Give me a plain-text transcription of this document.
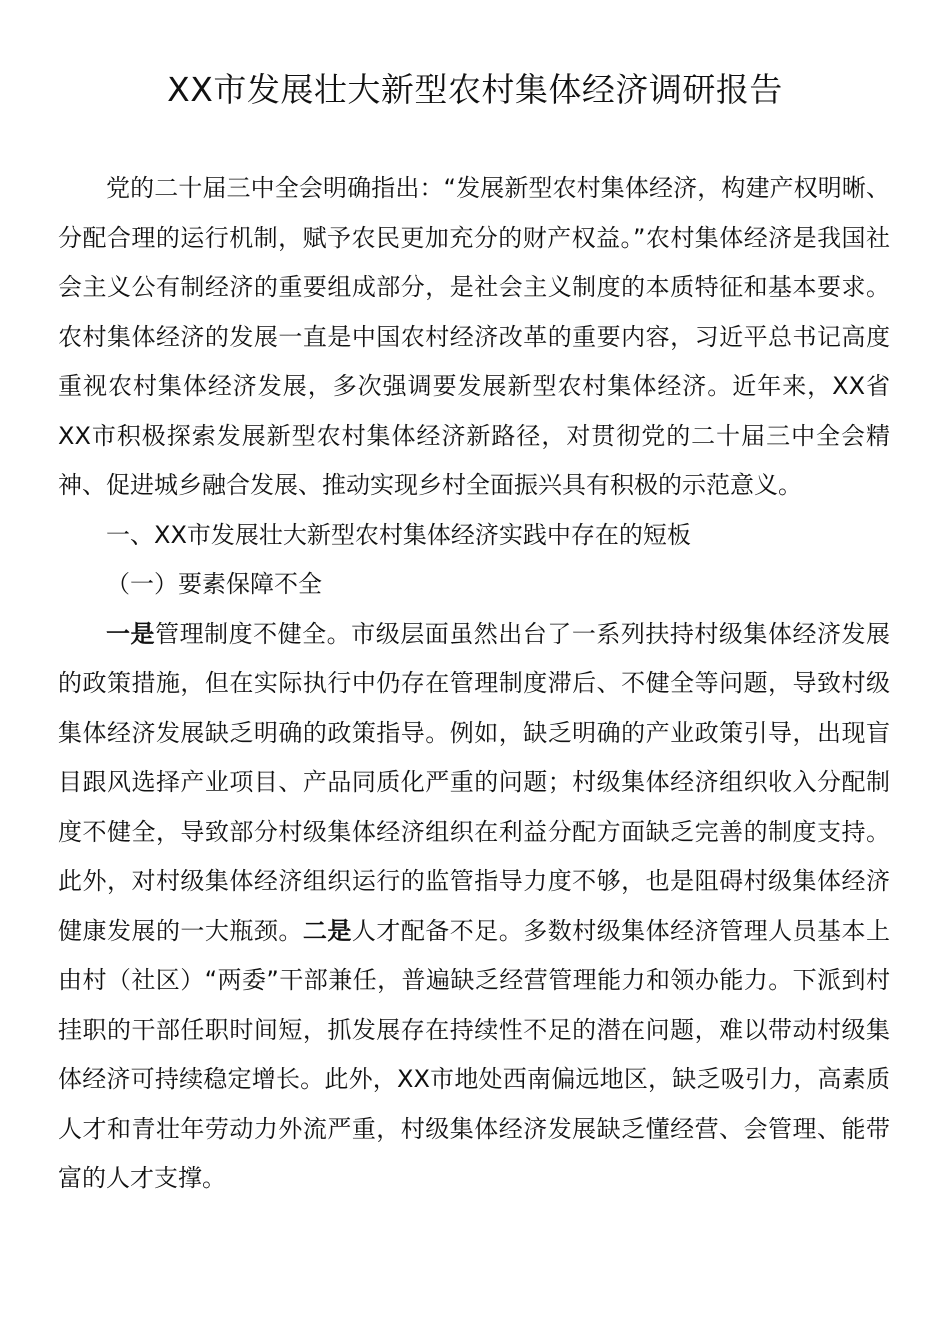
XX市发展壮大新型农村集体经济调研报告

党的二十届三中全会明确指出：“发展新型农村集体经济，构建产权明晰、分配合理的运行机制，赋予农民更加充分的财产权益。”农村集体经济是我国社会主义公有制经济的重要组成部分，是社会主义制度的本质特征和基本要求。农村集体经济的发展一直是中国农村经济改革的重要内容，习近平总书记高度重视农村集体经济发展，多次强调要发展新型农村集体经济。近年来，XX省XX市积极探索发展新型农村集体经济新路径，对贯彻党的二十届三中全会精神、促进城乡融合发展、推动实现乡村全面振兴具有积极的示范意义。

一、XX市发展壮大新型农村集体经济实践中存在的短板

（一）要素保障不全

一是管理制度不健全。市级层面虽然出台了一系列扶持村级集体经济发展的政策措施，但在实际执行中仍存在管理制度滞后、不健全等问题，导致村级集体经济发展缺乏明确的政策指导。例如，缺乏明确的产业政策引导，出现盲目跟风选择产业项目、产品同质化严重的问题；村级集体经济组织收入分配制度不健全，导致部分村级集体经济组织在利益分配方面缺乏完善的制度支持。此外，对村级集体经济组织运行的监管指导力度不够，也是阻碍村级集体经济健康发展的一大瓶颈。二是人才配备不足。多数村级集体经济管理人员基本上由村（社区）“两委”干部兼任，普遍缺乏经营管理能力和领办能力。下派到村挂职的干部任职时间短，抓发展存在持续性不足的潜在问题，难以带动村级集体经济可持续稳定增长。此外，XX市地处西南偏远地区，缺乏吸引力，高素质人才和青壮年劳动力外流严重，村级集体经济发展缺乏懂经营、会管理、能带富的人才支撑。
